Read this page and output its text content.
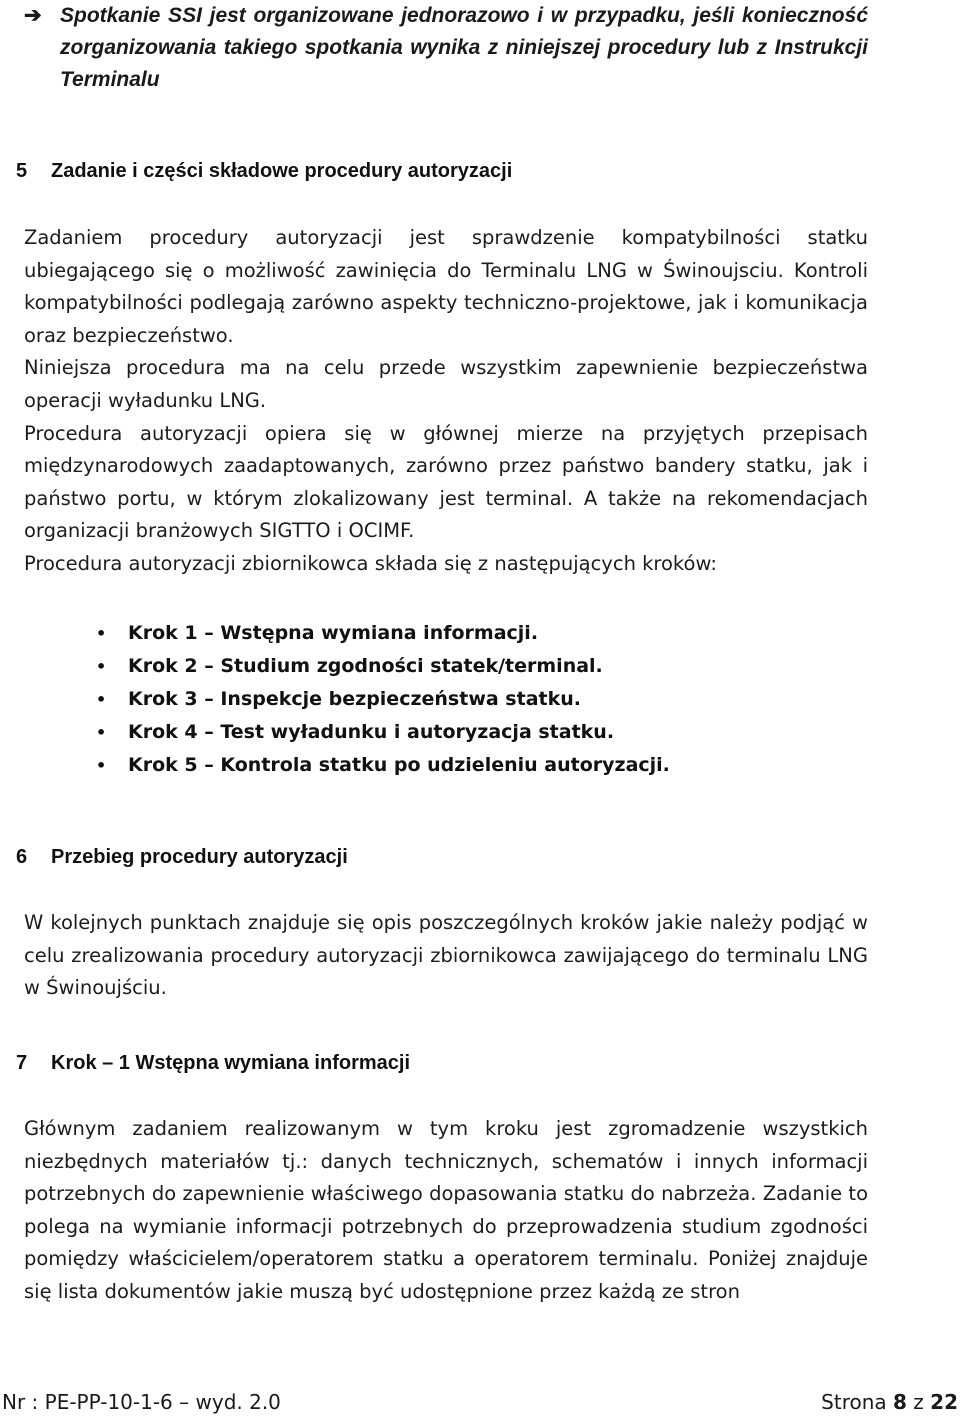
➔ Spotkanie SSI jest organizowane jednorazowo i w przypadku, jeśli konieczność zorganizowania takiego spotkania wynika z niniejszej procedury lub z Instrukcji Terminalu
5 Zadanie i części składowe procedury autoryzacji

Zadaniem procedury autoryzacji jest sprawdzenie kompatybilności statku ubiegającego się o możliwość zawinięcia do Terminalu LNG w Świnoujsciu. Kontroli kompatybilności podlegają zarówno aspekty techniczno-projektowe, jak i komunikacja oraz bezpieczeństwo.

Niniejsza procedura ma na celu przede wszystkim zapewnienie bezpieczeństwa operacji wyładunku LNG.

Procedura autoryzacji opiera się w głównej mierze na przyjętych przepisach międzynarodowych zaadaptowanych, zarówno przez państwo bandery statku, jak i państwo portu, w którym zlokalizowany jest terminal. A także na rekomendacjach organizacji branżowych SIGTTO i OCIMF.

Procedura autoryzacji zbiornikowca składa się z następujących kroków:

• Krok 1 – Wstępna wymiana informacji.
• Krok 2 – Studium zgodności statek/terminal.
• Krok 3 – Inspekcje bezpieczeństwa statku.
• Krok 4 – Test wyładunku i autoryzacja statku.
• Krok 5 – Kontrola statku po udzieleniu autoryzacji.
6 Przebieg procedury autoryzacji

W kolejnych punktach znajduje się opis poszczególnych kroków jakie należy podjąć w celu zrealizowania procedury autoryzacji zbiornikowca zawijającego do terminalu LNG w Świnoujściu.

7 Krok – 1 Wstępna wymiana informacji

Głównym zadaniem realizowanym w tym kroku jest zgromadzenie wszystkich niezbędnych materiałów tj.: danych technicznych, schematów i innych informacji potrzebnych do zapewnienie właściwego dopasowania statku do nabrzeża. Zadanie to polega na wymianie informacji potrzebnych do przeprowadzenia studium zgodności pomiędzy właścicielem/operatorem statku a operatorem terminalu. Poniżej znajduje się lista dokumentów jakie muszą być udostępnione przez każdą ze stron

Nr : PE-PP-10-1-6 – wyd. 2.0	Strona 8 z 22
